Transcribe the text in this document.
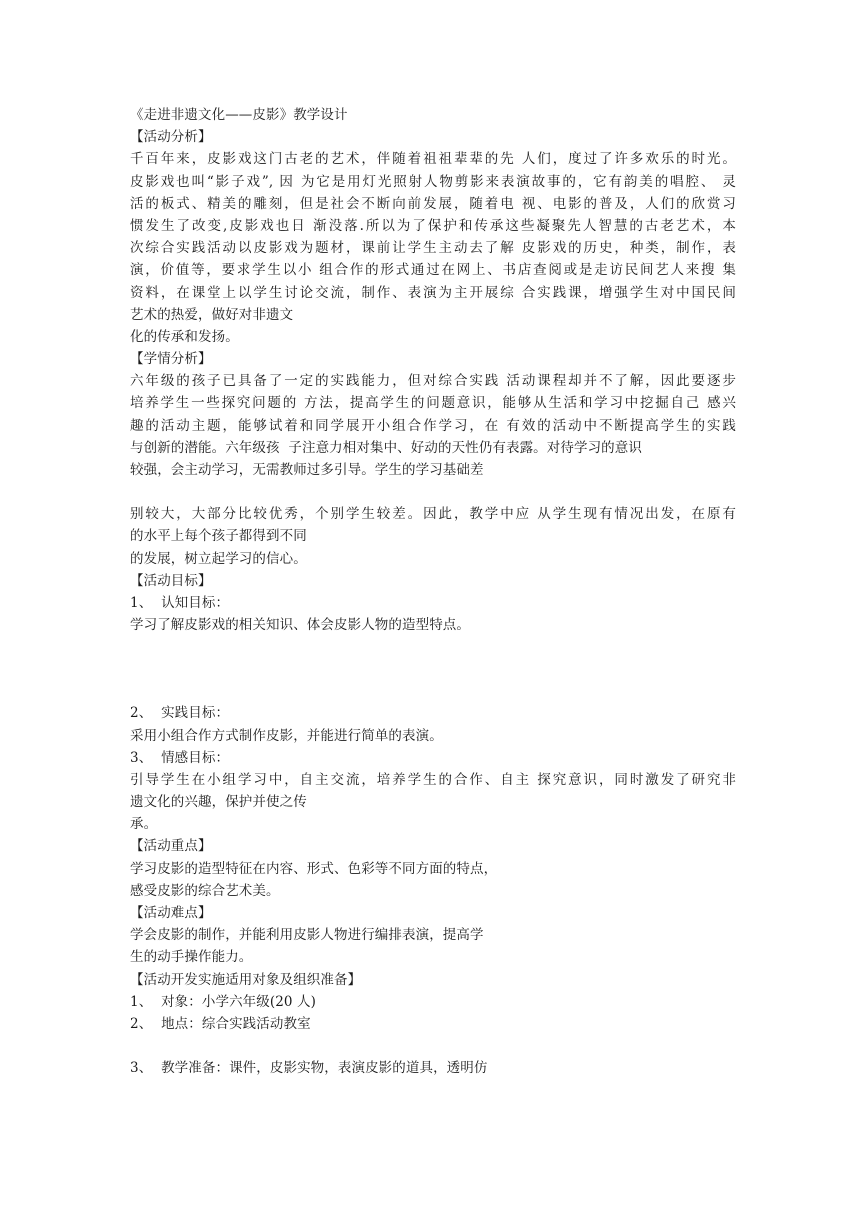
《走进非遗文化——皮影》教学设计
【活动分析】
千百年来，皮影戏这门古老的艺术，伴随着祖祖辈辈的先 人们，度过了许多欢乐的时光。
皮影戏也叫“影子戏”, 因 为它是用灯光照射人物剪影来表演故事的，它有韵美的唱腔、 灵
活的板式、精美的雕刻，但是社会不断向前发展，随着电 视、电影的普及，人们的欣赏习
惯发生了改变,皮影戏也日 渐没落.所以为了保护和传承这些凝聚先人智慧的古老艺术，本
次综合实践活动以皮影戏为题材，课前让学生主动去了解 皮影戏的历史，种类，制作，表
演，价值等，要求学生以小 组合作的形式通过在网上、书店查阅或是走访民间艺人来搜 集
资料，在课堂上以学生讨论交流，制作、表演为主开展综 合实践课，增强学生对中国民间
艺术的热爱，做好对非遗文
化的传承和发扬。
【学情分析】
六年级的孩子已具备了一定的实践能力，但对综合实践 活动课程却并不了解，因此要逐步
培养学生一些探究问题的 方法，提高学生的问题意识，能够从生活和学习中挖掘自己 感兴
趣的活动主题，能够试着和同学展开小组合作学习，在 有效的活动中不断提高学生的实践
与创新的潜能。六年级孩  子注意力相对集中、好动的天性仍有表露。对待学习的意识
较强，会主动学习，无需教师过多引导。学生的学习基础差
别较大，大部分比较优秀，个别学生较差。因此，教学中应 从学生现有情况出发，在原有
的水平上每个孩子都得到不同
的发展，树立起学习的信心。
【活动目标】
1、  认知目标：
学习了解皮影戏的相关知识、体会皮影人物的造型特点。
2、  实践目标：
采用小组合作方式制作皮影，并能进行简单的表演。
3、  情感目标：
引导学生在小组学习中，自主交流，培养学生的合作、自主 探究意识，同时激发了研究非
遗文化的兴趣，保护并使之传
承。
【活动重点】
学习皮影的造型特征在内容、形式、色彩等不同方面的特点，
感受皮影的综合艺术美。
【活动难点】
学会皮影的制作，并能利用皮影人物进行编排表演，提高学
生的动手操作能力。
【活动开发实施适用对象及组织准备】
1、  对象：小学六年级(20 人)
2、  地点：综合实践活动教室
3、  教学准备：课件，皮影实物，表演皮影的道具，透明仿
